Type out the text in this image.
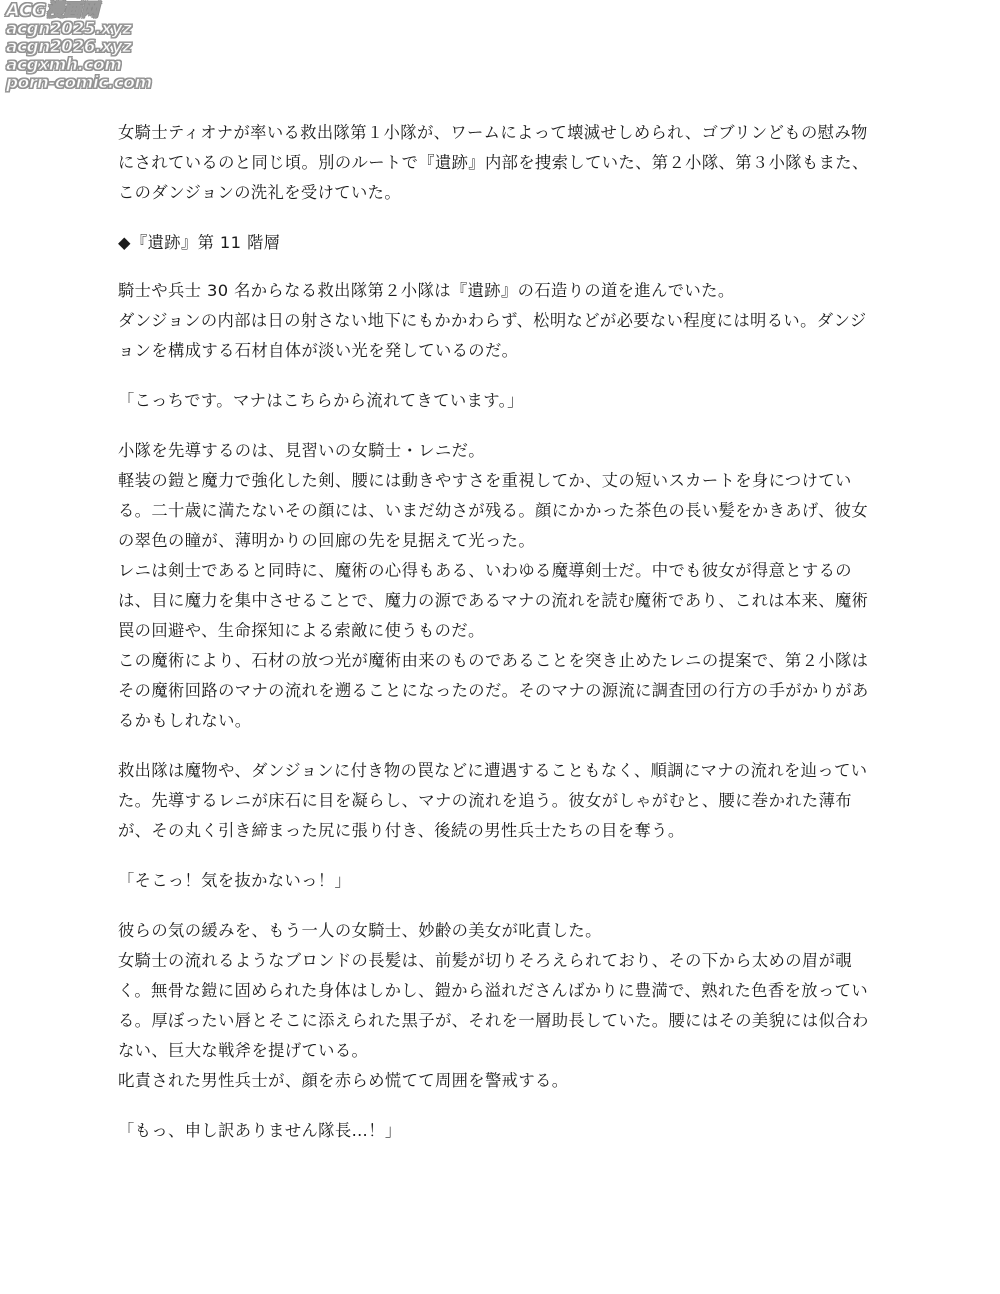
ACG漫画网
acgn2025.xyz
acgn2026.xyz
acgxmh.com
porn-comic.com

女騎士ティオナが率いる救出隊第１小隊が、ワームによって壊滅せしめられ、ゴブリンどもの慰み物にされているのと同じ頃。別のルートで『遺跡』内部を捜索していた、第２小隊、第３小隊もまた、このダンジョンの洗礼を受けていた。

◆『遺跡』第 11 階層

騎士や兵士 30 名からなる救出隊第２小隊は『遺跡』の石造りの道を進んでいた。
ダンジョンの内部は日の射さない地下にもかかわらず、松明などが必要ない程度には明るい。ダンジョンを構成する石材自体が淡い光を発しているのだ。

「こっちです。マナはこちらから流れてきています。」

小隊を先導するのは、見習いの女騎士・レニだ。
軽装の鎧と魔力で強化した剣、腰には動きやすさを重視してか、丈の短いスカートを身につけている。二十歳に満たないその顔には、いまだ幼さが残る。顔にかかった茶色の長い髪をかきあげ、彼女の翠色の瞳が、薄明かりの回廊の先を見据えて光った。
レニは剣士であると同時に、魔術の心得もある、いわゆる魔導剣士だ。中でも彼女が得意とするのは、目に魔力を集中させることで、魔力の源であるマナの流れを読む魔術であり、これは本来、魔術罠の回避や、生命探知による索敵に使うものだ。
この魔術により、石材の放つ光が魔術由来のものであることを突き止めたレニの提案で、第２小隊はその魔術回路のマナの流れを遡ることになったのだ。そのマナの源流に調査団の行方の手がかりがあるかもしれない。

救出隊は魔物や、ダンジョンに付き物の罠などに遭遇することもなく、順調にマナの流れを辿っていた。先導するレニが床石に目を凝らし、マナの流れを追う。彼女がしゃがむと、腰に巻かれた薄布が、その丸く引き締まった尻に張り付き、後続の男性兵士たちの目を奪う。

「そこっ！気を抜かないっ！」

彼らの気の緩みを、もう一人の女騎士、妙齢の美女が叱責した。
女騎士の流れるようなブロンドの長髪は、前髪が切りそろえられており、その下から太めの眉が覗く。無骨な鎧に固められた身体はしかし、鎧から溢れださんばかりに豊満で、熟れた色香を放っている。厚ぼったい唇とそこに添えられた黒子が、それを一層助長していた。腰にはその美貌には似合わない、巨大な戦斧を提げている。
叱責された男性兵士が、顔を赤らめ慌てて周囲を警戒する。

「もっ、申し訳ありません隊長…！」
